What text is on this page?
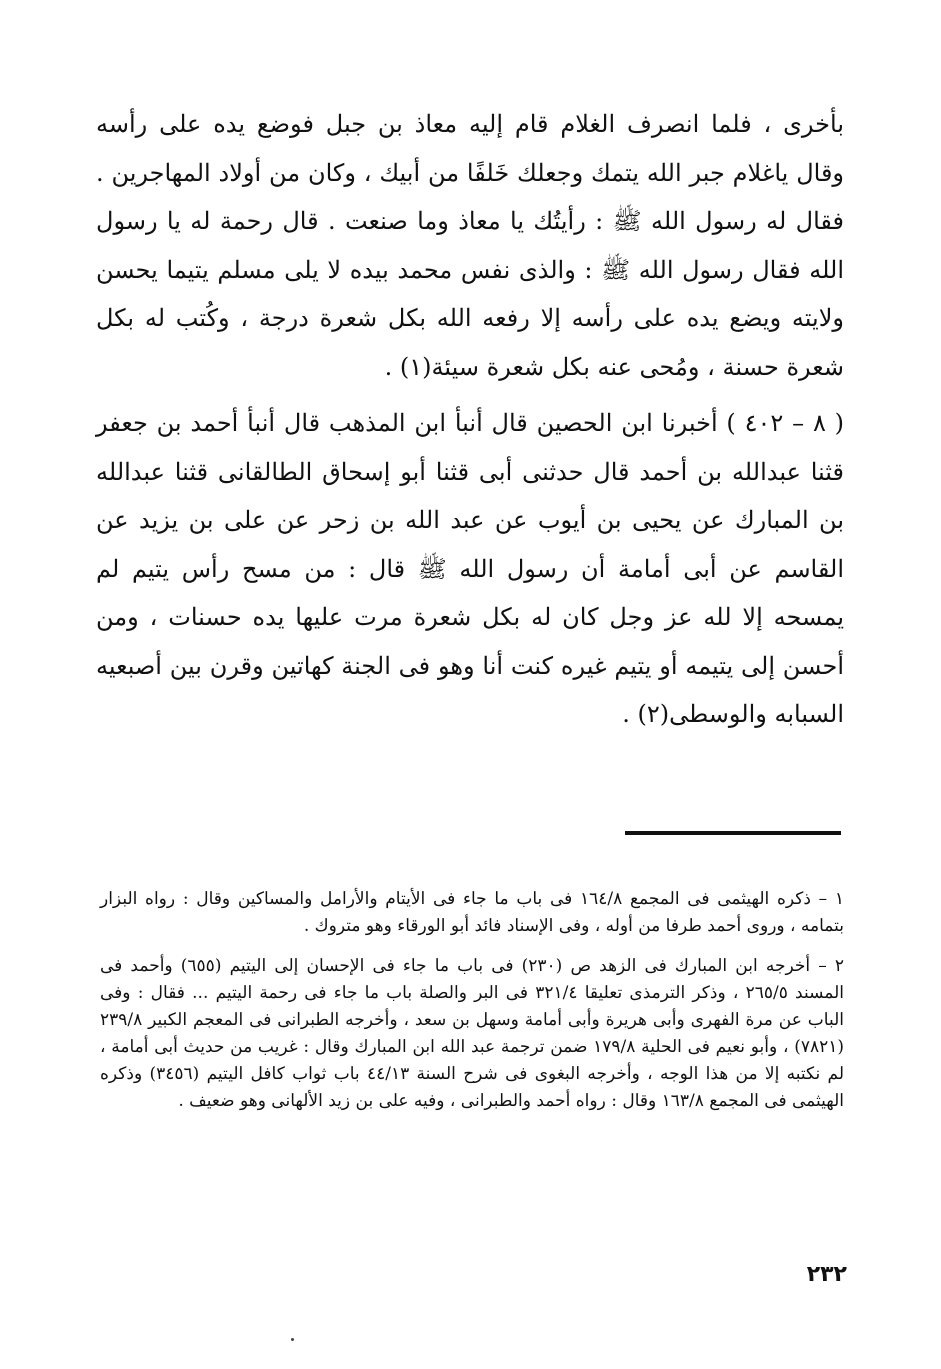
بأخرى ، فلما انصرف الغلام قام إليه معاذ بن جبل فوضع يده على رأسه وقال ياغلام جبر الله يتمك وجعلك خَلفًا من أبيك ، وكان من أولاد المهاجرين . فقال له رسول الله ﷺ : رأيتُك يا معاذ وما صنعت . قال رحمة له يا رسول الله فقال رسول الله ﷺ : والذى نفس محمد بيده لا يلى مسلم يتيما يحسن ولايته ويضع يده على رأسه إلا رفعه الله بكل شعرة درجة ، وكُتب له بكل شعرة حسنة ، ومُحى عنه بكل شعرة سيئة(١) .

( ٨ – ٤٠٢ ) أخبرنا ابن الحصين قال أنبأ ابن المذهب قال أنبأ أحمد بن جعفر قثنا عبدالله بن أحمد قال حدثنى أبى قثنا أبو إسحاق الطالقانى قثنا عبدالله بن المبارك عن يحيى بن أيوب عن عبد الله بن زحر عن على بن يزيد عن القاسم عن أبى أمامة أن رسول الله ﷺ قال : من مسح رأس يتيم لم يمسحه إلا لله عز وجل كان له بكل شعرة مرت عليها يده حسنات ، ومن أحسن إلى يتيمه أو يتيم غيره كنت أنا وهو فى الجنة كهاتين وقرن بين أصبعيه السبابه والوسطى(٢) .

١ – ذكره الهيثمى فى المجمع ١٦٤/٨ فى باب ما جاء فى الأيتام والأرامل والمساكين وقال : رواه البزار بتمامه ، وروى أحمد طرفا من أوله ، وفى الإسناد فائد أبو الورقاء وهو متروك .

٢ – أخرجه ابن المبارك فى الزهد ص (٢٣٠) فى باب ما جاء فى الإحسان إلى اليتيم (٦٥٥) وأحمد فى المسند ٢٦٥/٥ ، وذكر الترمذى تعليقا ٣٢١/٤ فى البر والصلة باب ما جاء فى رحمة اليتيم ... فقال : وفى الباب عن مرة الفهرى وأبى هريرة وأبى أمامة وسهل بن سعد ، وأخرجه الطبرانى فى المعجم الكبير ٢٣٩/٨ (٧٨٢١) ، وأبو نعيم فى الحلية ١٧٩/٨ ضمن ترجمة عبد الله ابن المبارك وقال : غريب من حديث أبى أمامة ، لم نكتبه إلا من هذا الوجه ، وأخرجه البغوى فى شرح السنة ٤٤/١٣ باب ثواب كافل اليتيم (٣٤٥٦) وذكره الهيثمى فى المجمع ١٦٣/٨ وقال : رواه أحمد والطبرانى ، وفيه على بن زيد الألهانى وهو ضعيف .

٢٣٢
